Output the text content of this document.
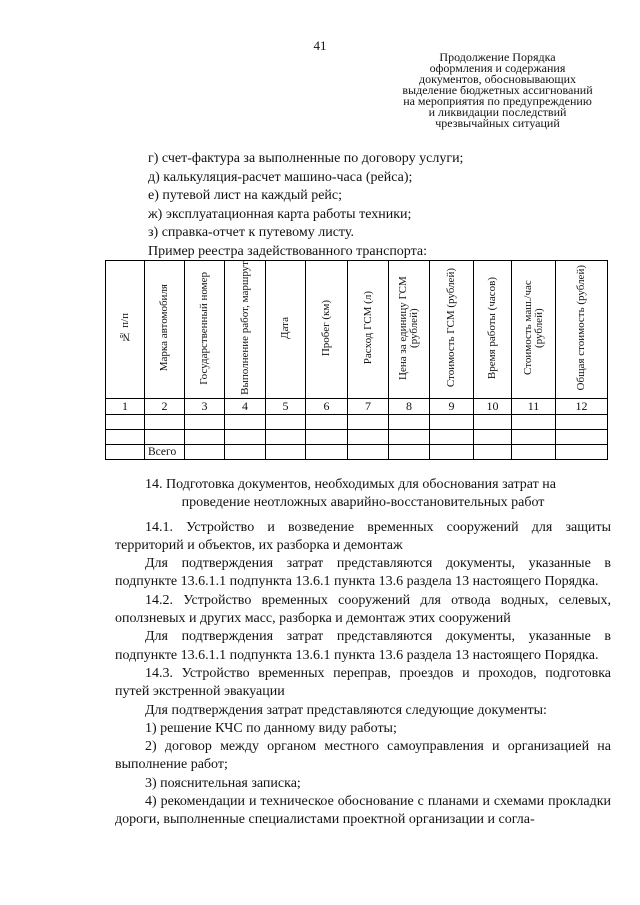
41
Продолжение Порядка
оформления и содержания
документов, обосновывающих
выделение бюджетных ассигнований
на мероприятия по предупреждению
и ликвидации последствий
чрезвычайных ситуаций
г) счет-фактура за выполненные по договору услуги;
д) калькуляция-расчет машино-часа (рейса);
е) путевой лист на каждый рейс;
ж) эксплуатационная карта работы техники;
з) справка-отчет к путевому листу.
Пример реестра задействованного транспорта:
№ п/п	Марка автомобиля	Государственный номер	Выполнение работ, маршрут	Дата	Пробег (км)	Расход ГСМ (л)	Цена за единицу ГСМ (рублей)	Стоимость ГСМ (рублей)	Время работы (часов)	Стоимость маш./час (рублей)	Общая стоимость (рублей)
1	2	3	4	5	6	7	8	9	10	11	12

	Всего										

14. Подготовка документов, необходимых для обоснования затрат на

проведение неотложных аварийно-восстановительных работ

14.1. Устройство и возведение временных сооружений для защиты территорий и объектов, их разборка и демонтаж

Для подтверждения затрат представляются документы, указанные в подпункте 13.6.1.1 подпункта 13.6.1 пункта 13.6 раздела 13 настоящего Порядка.

14.2. Устройство временных сооружений для отвода водных, селевых, оползневых и других масс, разборка и демонтаж этих сооружений

Для подтверждения затрат представляются документы, указанные в подпункте 13.6.1.1 подпункта 13.6.1 пункта 13.6 раздела 13 настоящего Порядка.

14.3. Устройство временных переправ, проездов и проходов, подготовка путей экстренной эвакуации

Для подтверждения затрат представляются следующие документы:

1) решение КЧС по данному виду работы;

2) договор между органом местного самоуправления и организацией на выполнение работ;

3) пояснительная записка;

4) рекомендации и техническое обоснование с планами и схемами прокладки дороги, выполненные специалистами проектной организации и согла-
